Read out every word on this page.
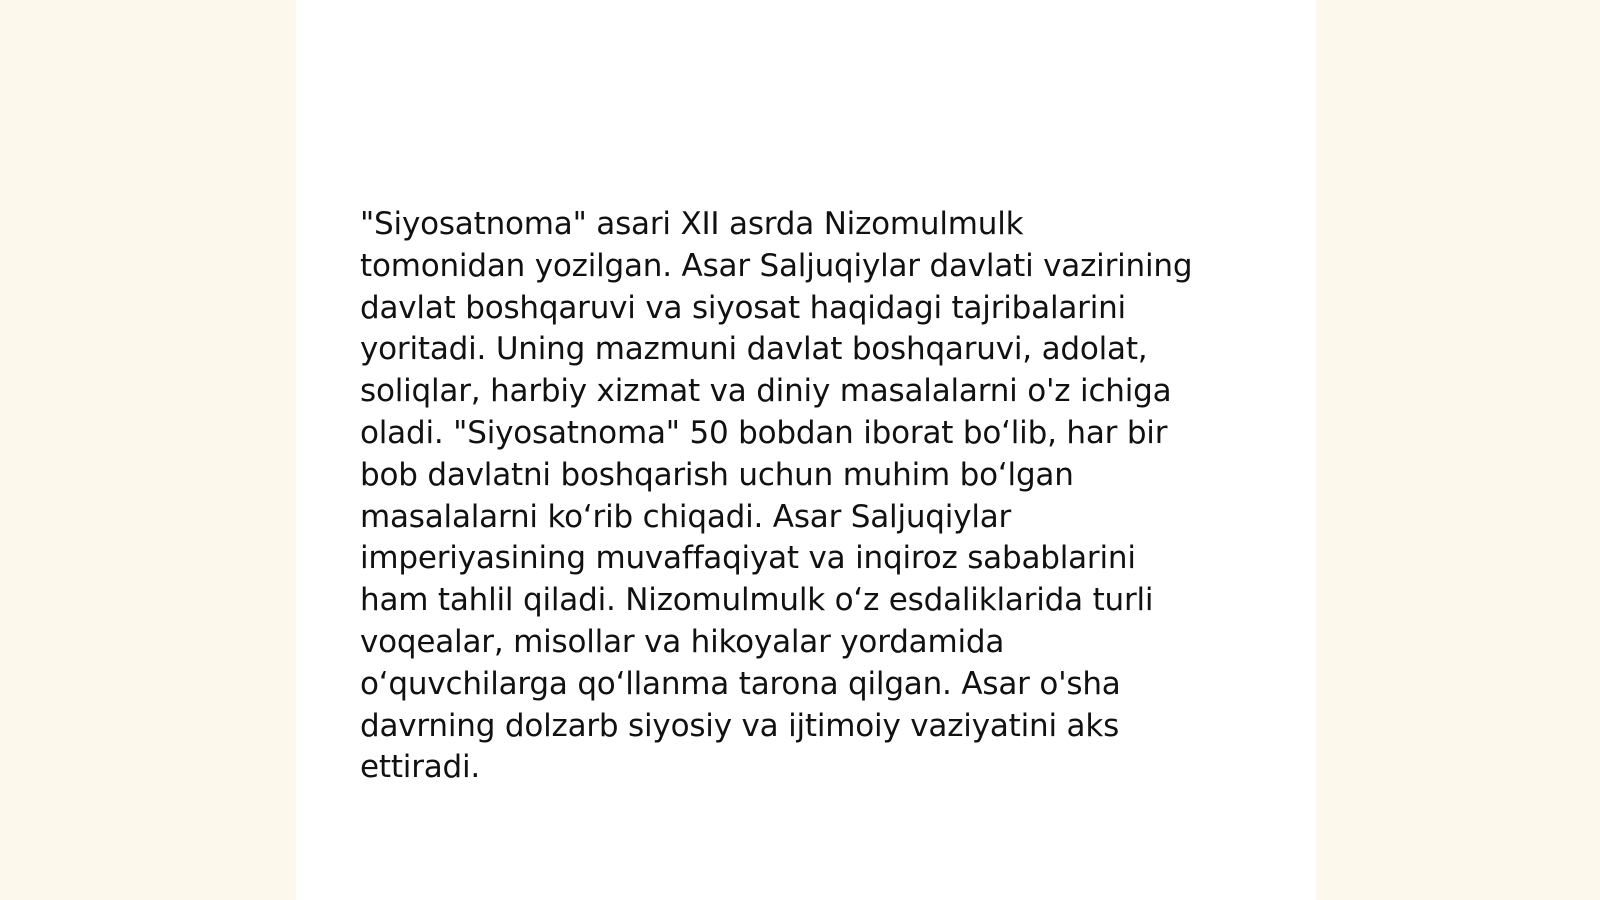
"Siyosatnoma" asari XII asrda Nizomulmulk
tomonidan yozilgan. Asar Saljuqiylar davlati vazirining
davlat boshqaruvi va siyosat haqidagi tajribalarini
yoritadi. Uning mazmuni davlat boshqaruvi, adolat,
soliqlar, harbiy xizmat va diniy masalalarni o'z ichiga
oladi. "Siyosatnoma" 50 bobdan iborat bo‘lib, har bir
bob davlatni boshqarish uchun muhim bo‘lgan
masalalarni ko‘rib chiqadi. Asar Saljuqiylar
imperiyasining muvaffaqiyat va inqiroz sabablarini
ham tahlil qiladi. Nizomulmulk o‘z esdaliklarida turli
voqealar, misollar va hikoyalar yordamida
o‘quvchilarga qo‘llanma tarona qilgan. Asar o'sha
davrning dolzarb siyosiy va ijtimoiy vaziyatini aks
ettiradi.
